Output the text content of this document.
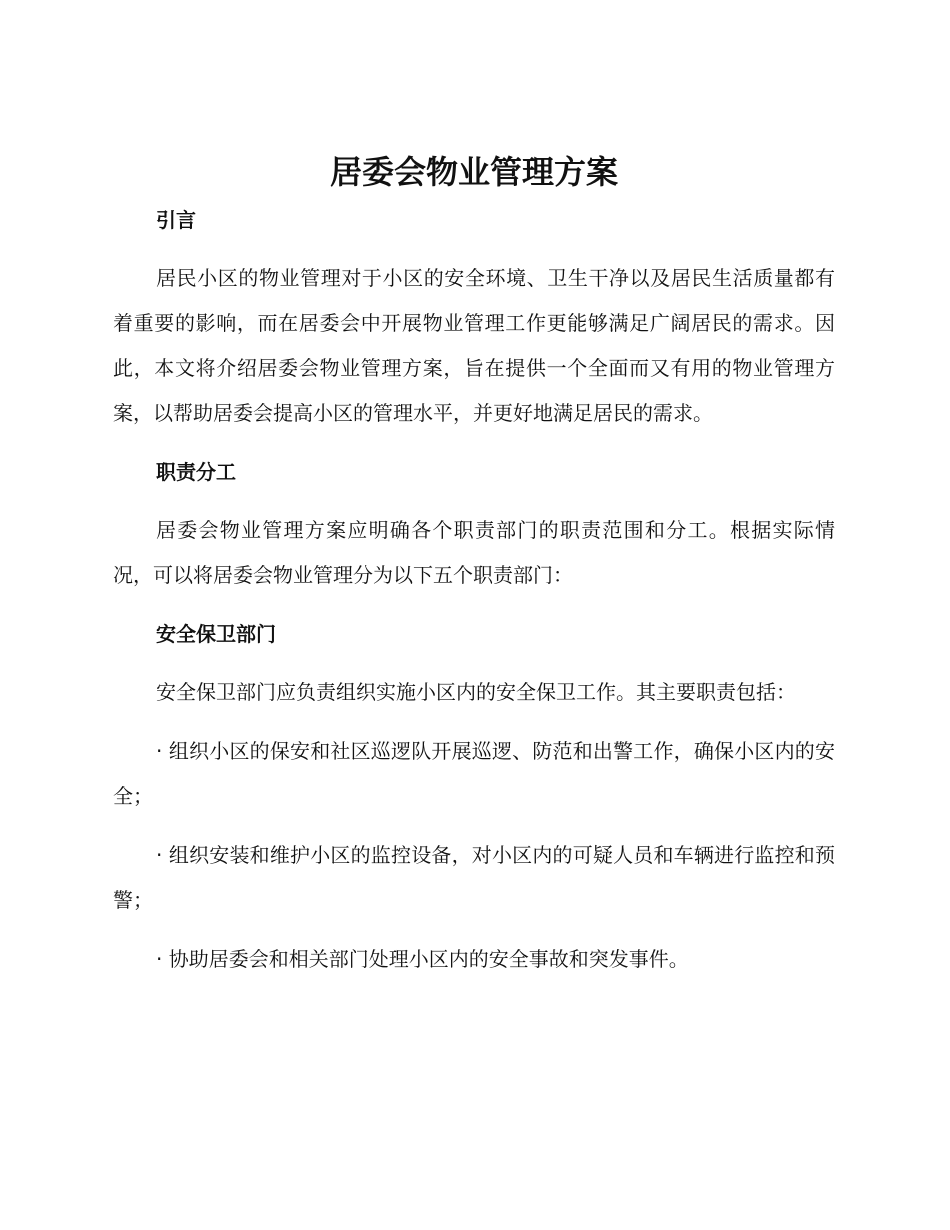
居委会物业管理方案

引言

居民小区的物业管理对于小区的安全环境、卫生干净以及居民生活质量都有着重要的影响，而在居委会中开展物业管理工作更能够满足广阔居民的需求。因此，本文将介绍居委会物业管理方案，旨在提供一个全面而又有用的物业管理方案，以帮助居委会提高小区的管理水平，并更好地满足居民的需求。

职责分工

居委会物业管理方案应明确各个职责部门的职责范围和分工。根据实际情况，可以将居委会物业管理分为以下五个职责部门：

安全保卫部门

安全保卫部门应负责组织实施小区内的安全保卫工作。其主要职责包括：

· 组织小区的保安和社区巡逻队开展巡逻、防范和出警工作，确保小区内的安全；

· 组织安装和维护小区的监控设备，对小区内的可疑人员和车辆进行监控和预警；

· 协助居委会和相关部门处理小区内的安全事故和突发事件。
